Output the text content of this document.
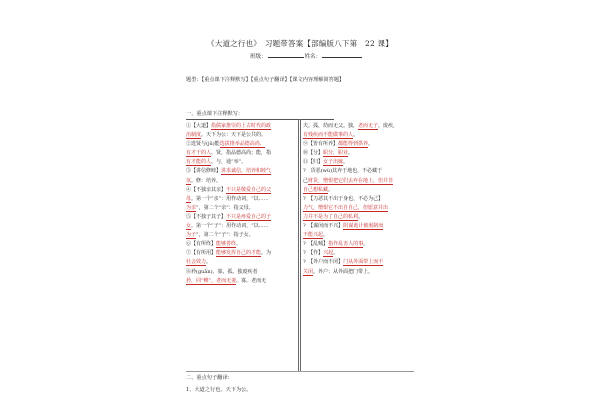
《大道之行也》　习题带答案【部编版八下第　22 课】
班级：	姓名：
题型：【重点课下注释默写】【重点句子翻译】【课文内容理解简答题】
一、重点课下注释默写：
①【大道】指儒家推崇的上古时代的政
治制度。天下为公：天下是公共的。
②选贤与(jǔ)能选拔推举品德高尚、
有才干的人。贤，指品德高尚；能，指
有才能的人。与，通“举”。
③【讲信修睦】讲求诚信，培养和睦气
氛。修：培养。
④【不独亲其亲】不只是敬爱自己的父
母。第一个“亲”：用作动词，“以……
为亲”，第二个“亲”：指父母。
⑤【不独子其子】不只是疼爱自己的子
女。第一个“子”：用作动词，“以……
为子”，第二个“子”：指子女。
⑥【有所终】能够善终。
⑦【有所用】能够发挥自己的才能。为
社会效力。
⑧矜(guān)、寡、孤、独废疾者
矜，同“鳏”，老而无妻。寡，老而无
夫。孤，幼而无父。独，老而无子。废疾，
有残疾而不能做事的人。
⑨【皆有所养】都能得到供养。
⑩【分】职分，职业。
⑪【归】女子出嫁。
?　货恶(wù)其弃于地也，不必藏于
己财货，憎恨把它们丢弃在地上，但并非
自己想私藏。
?　【力恶其不出于身也，不必为己】
力气，憎恨它不出自自己，但愿意并出
力并不是为了自己的私利。
?　【谋闭而不兴】阴谋诡计被遏制而
不能兴起。
?　【乱贼】指作乱害人的事。
?　【作】兴起。
?　【外户而不闭】门从外面带上而不
关闭。外户：从外面把门带上。
二、重点句子翻译：
1、大道之行也，天下为公。
